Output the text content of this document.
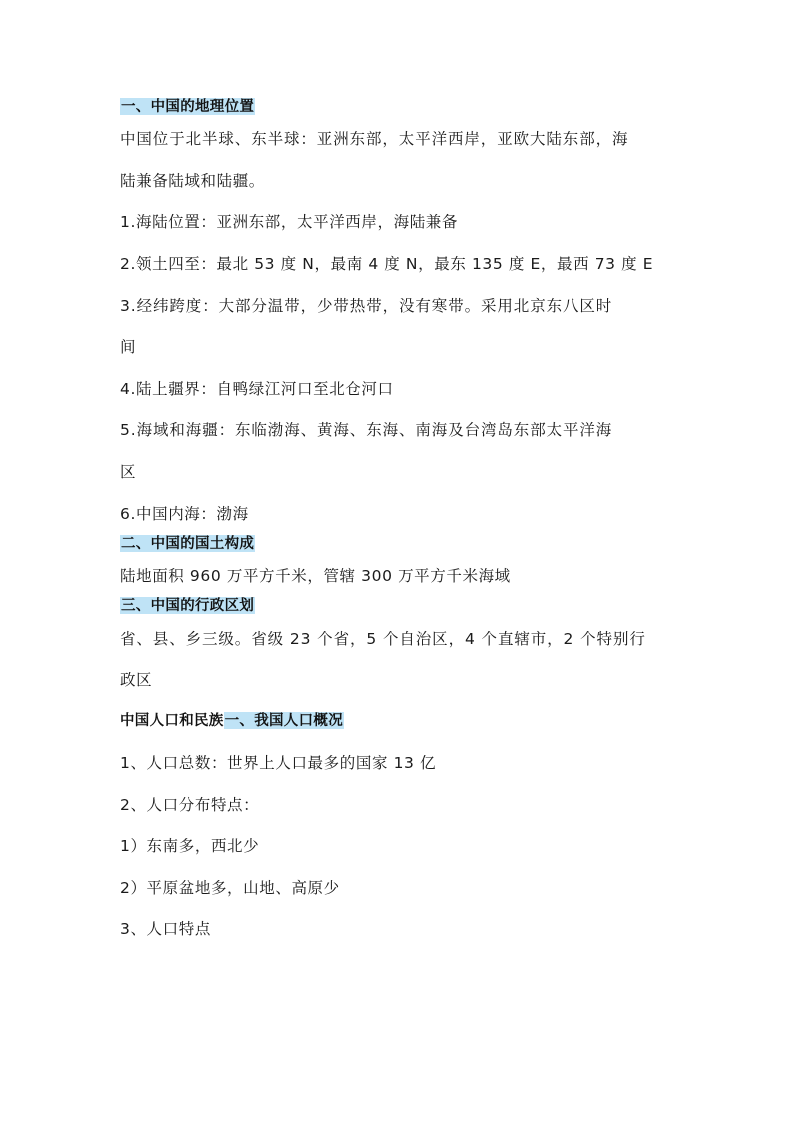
一、中国的地理位置
中国位于北半球、东半球：亚洲东部，太平洋西岸，亚欧大陆东部，海
陆兼备陆域和陆疆。
1.海陆位置：亚洲东部，太平洋西岸，海陆兼备
2.领土四至：最北 53 度 N，最南 4 度 N，最东 135 度 E，最西 73 度 E
3.经纬跨度：大部分温带，少带热带，没有寒带。采用北京东八区时
间
4.陆上疆界：自鸭绿江河口至北仓河口
5.海域和海疆：东临渤海、黄海、东海、南海及台湾岛东部太平洋海
区
6.中国内海：渤海
二、中国的国土构成
陆地面积 960 万平方千米，管辖 300 万平方千米海域
三、中国的行政区划
省、县、乡三级。省级 23 个省，5 个自治区，4 个直辖市，2 个特别行
政区
中国人口和民族一、我国人口概况
1、人口总数：世界上人口最多的国家 13 亿
2、人口分布特点：
1）东南多，西北少
2）平原盆地多，山地、高原少
3、人口特点
